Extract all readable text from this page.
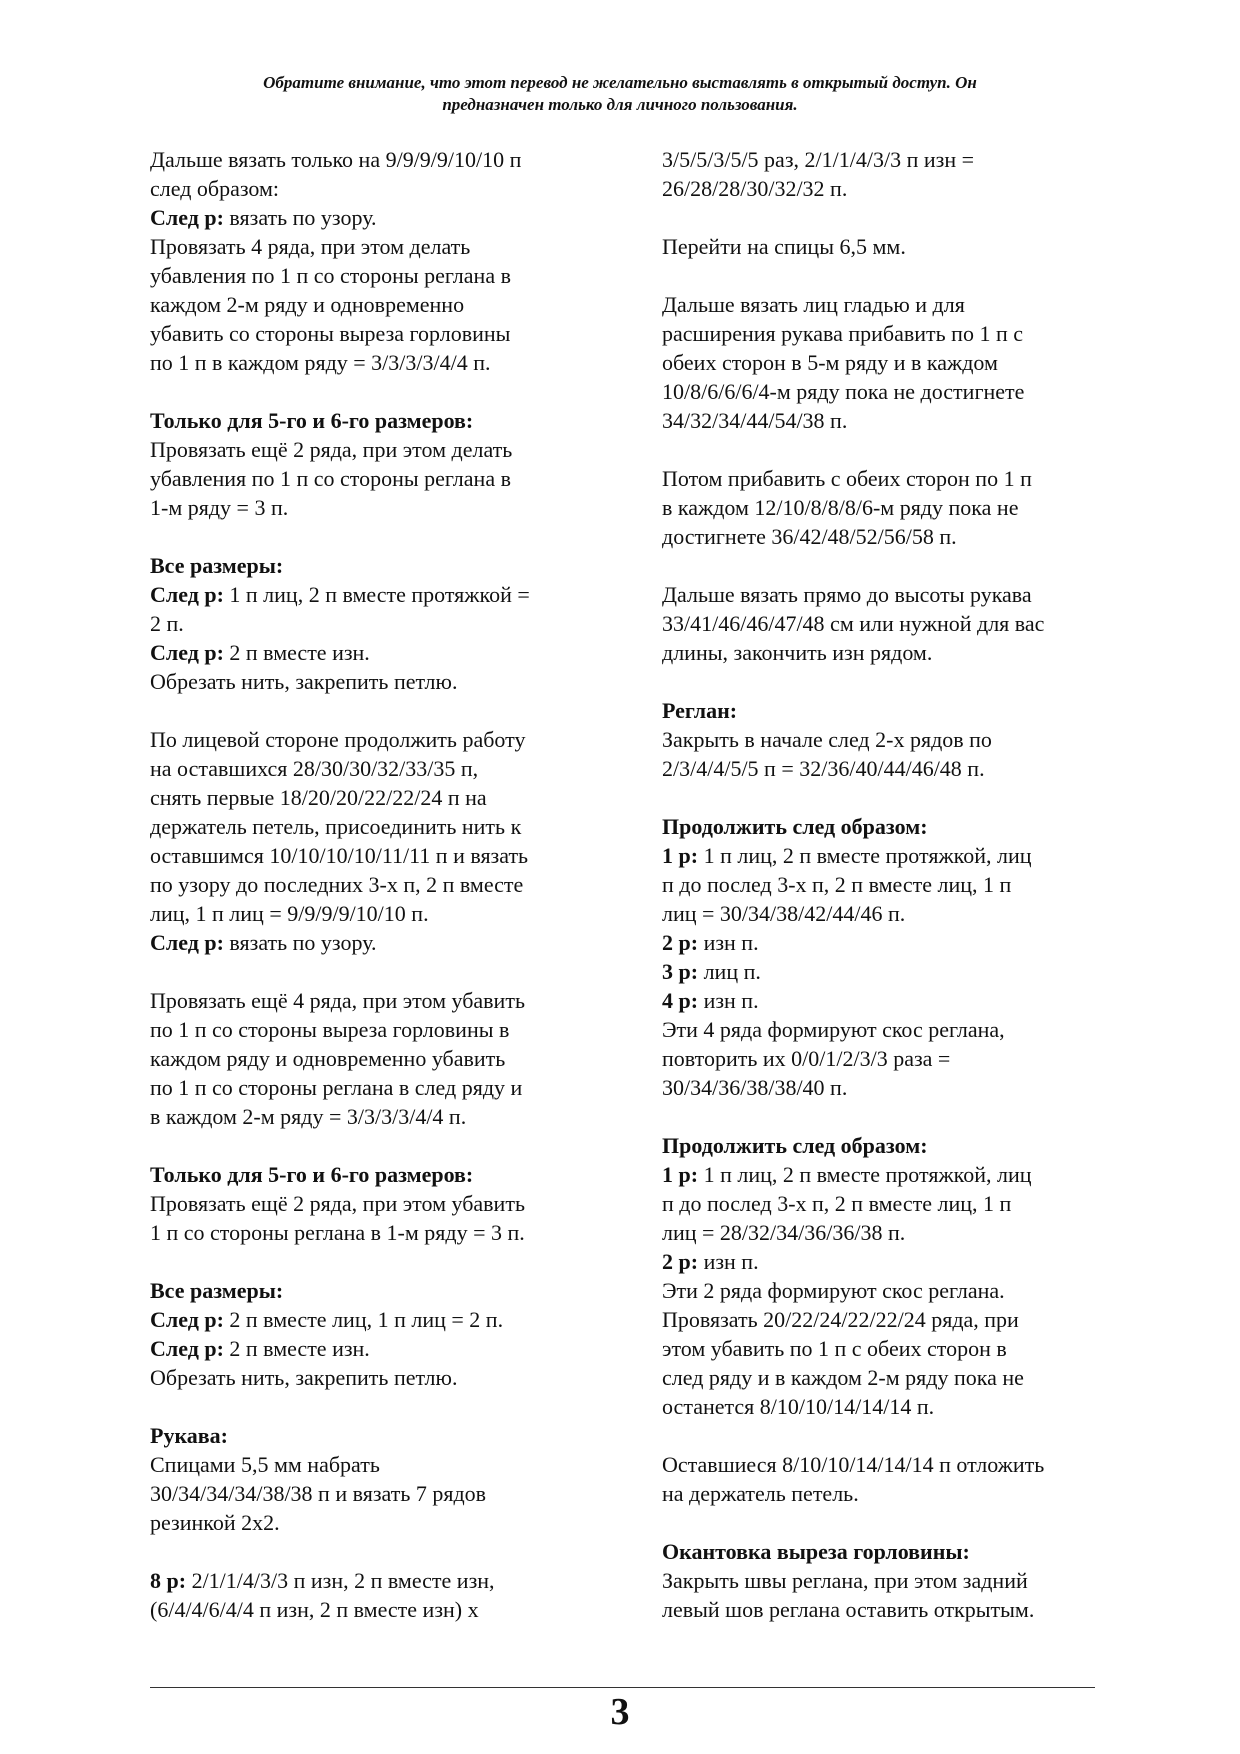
Обратите внимание, что этот перевод не желательно выставлять в открытый доступ. Он
предназначен только для личного пользования.
Дальше вязать только на 9/9/9/9/10/10 п
след образом:
След р: вязать по узору.
Провязать 4 ряда, при этом делать
убавления по 1 п со стороны реглана в
каждом 2-м ряду и одновременно
убавить со стороны выреза горловины
по 1 п в каждом ряду = 3/3/3/3/4/4 п.
Только для 5-го и 6-го размеров:
Провязать ещё 2 ряда, при этом делать
убавления по 1 п со стороны реглана в
1-м ряду = 3 п.
Все размеры:
След р: 1 п лиц, 2 п вместе протяжкой =
2 п.
След р: 2 п вместе изн.
Обрезать нить, закрепить петлю.
По лицевой стороне продолжить работу
на оставшихся 28/30/30/32/33/35 п,
снять первые 18/20/20/22/22/24 п на
держатель петель, присоединить нить к
оставшимся 10/10/10/10/11/11 п и вязать
по узору до последних 3-х п, 2 п вместе
лиц, 1 п лиц = 9/9/9/9/10/10 п.
След р: вязать по узору.
Провязать ещё 4 ряда, при этом убавить
по 1 п со стороны выреза горловины в
каждом ряду и одновременно убавить
по 1 п со стороны реглана в след ряду и
в каждом 2-м ряду = 3/3/3/3/4/4 п.
Только для 5-го и 6-го размеров:
Провязать ещё 2 ряда, при этом убавить
1 п со стороны реглана в 1-м ряду = 3 п.
Все размеры:
След р: 2 п вместе лиц, 1 п лиц = 2 п.
След р: 2 п вместе изн.
Обрезать нить, закрепить петлю.
Рукава:
Спицами 5,5 мм набрать
30/34/34/34/38/38 п и вязать 7 рядов
резинкой 2х2.
8 р: 2/1/1/4/3/3 п изн, 2 п вместе изн,
(6/4/4/6/4/4 п изн, 2 п вместе изн) х
3/5/5/3/5/5 раз, 2/1/1/4/3/3 п изн =
26/28/28/30/32/32 п.
Перейти на спицы 6,5 мм.
Дальше вязать лиц гладью и для
расширения рукава прибавить по 1 п с
обеих сторон в 5-м ряду и в каждом
10/8/6/6/6/4-м ряду пока не достигнете
34/32/34/44/54/38 п.
Потом прибавить с обеих сторон по 1 п
в каждом 12/10/8/8/8/6-м ряду пока не
достигнете 36/42/48/52/56/58 п.
Дальше вязать прямо до высоты рукава
33/41/46/46/47/48 см или нужной для вас
длины, закончить изн рядом.
Реглан:
Закрыть в начале след 2-х рядов по
2/3/4/4/5/5 п = 32/36/40/44/46/48 п.
Продолжить след образом:
1 р: 1 п лиц, 2 п вместе протяжкой, лиц
п до послед 3-х п, 2 п вместе лиц, 1 п
лиц = 30/34/38/42/44/46 п.
2 р: изн п.
3 р: лиц п.
4 р: изн п.
Эти 4 ряда формируют скос реглана,
повторить их 0/0/1/2/3/3 раза =
30/34/36/38/38/40 п.
Продолжить след образом:
1 р: 1 п лиц, 2 п вместе протяжкой, лиц
п до послед 3-х п, 2 п вместе лиц, 1 п
лиц = 28/32/34/36/36/38 п.
2 р: изн п.
Эти 2 ряда формируют скос реглана.
Провязать 20/22/24/22/22/24 ряда, при
этом убавить по 1 п с обеих сторон в
след ряду и в каждом 2-м ряду пока не
останется 8/10/10/14/14/14 п.
Оставшиеся 8/10/10/14/14/14 п отложить
на держатель петель.
Окантовка выреза горловины:
Закрыть швы реглана, при этом задний
левый шов реглана оставить открытым.
3
